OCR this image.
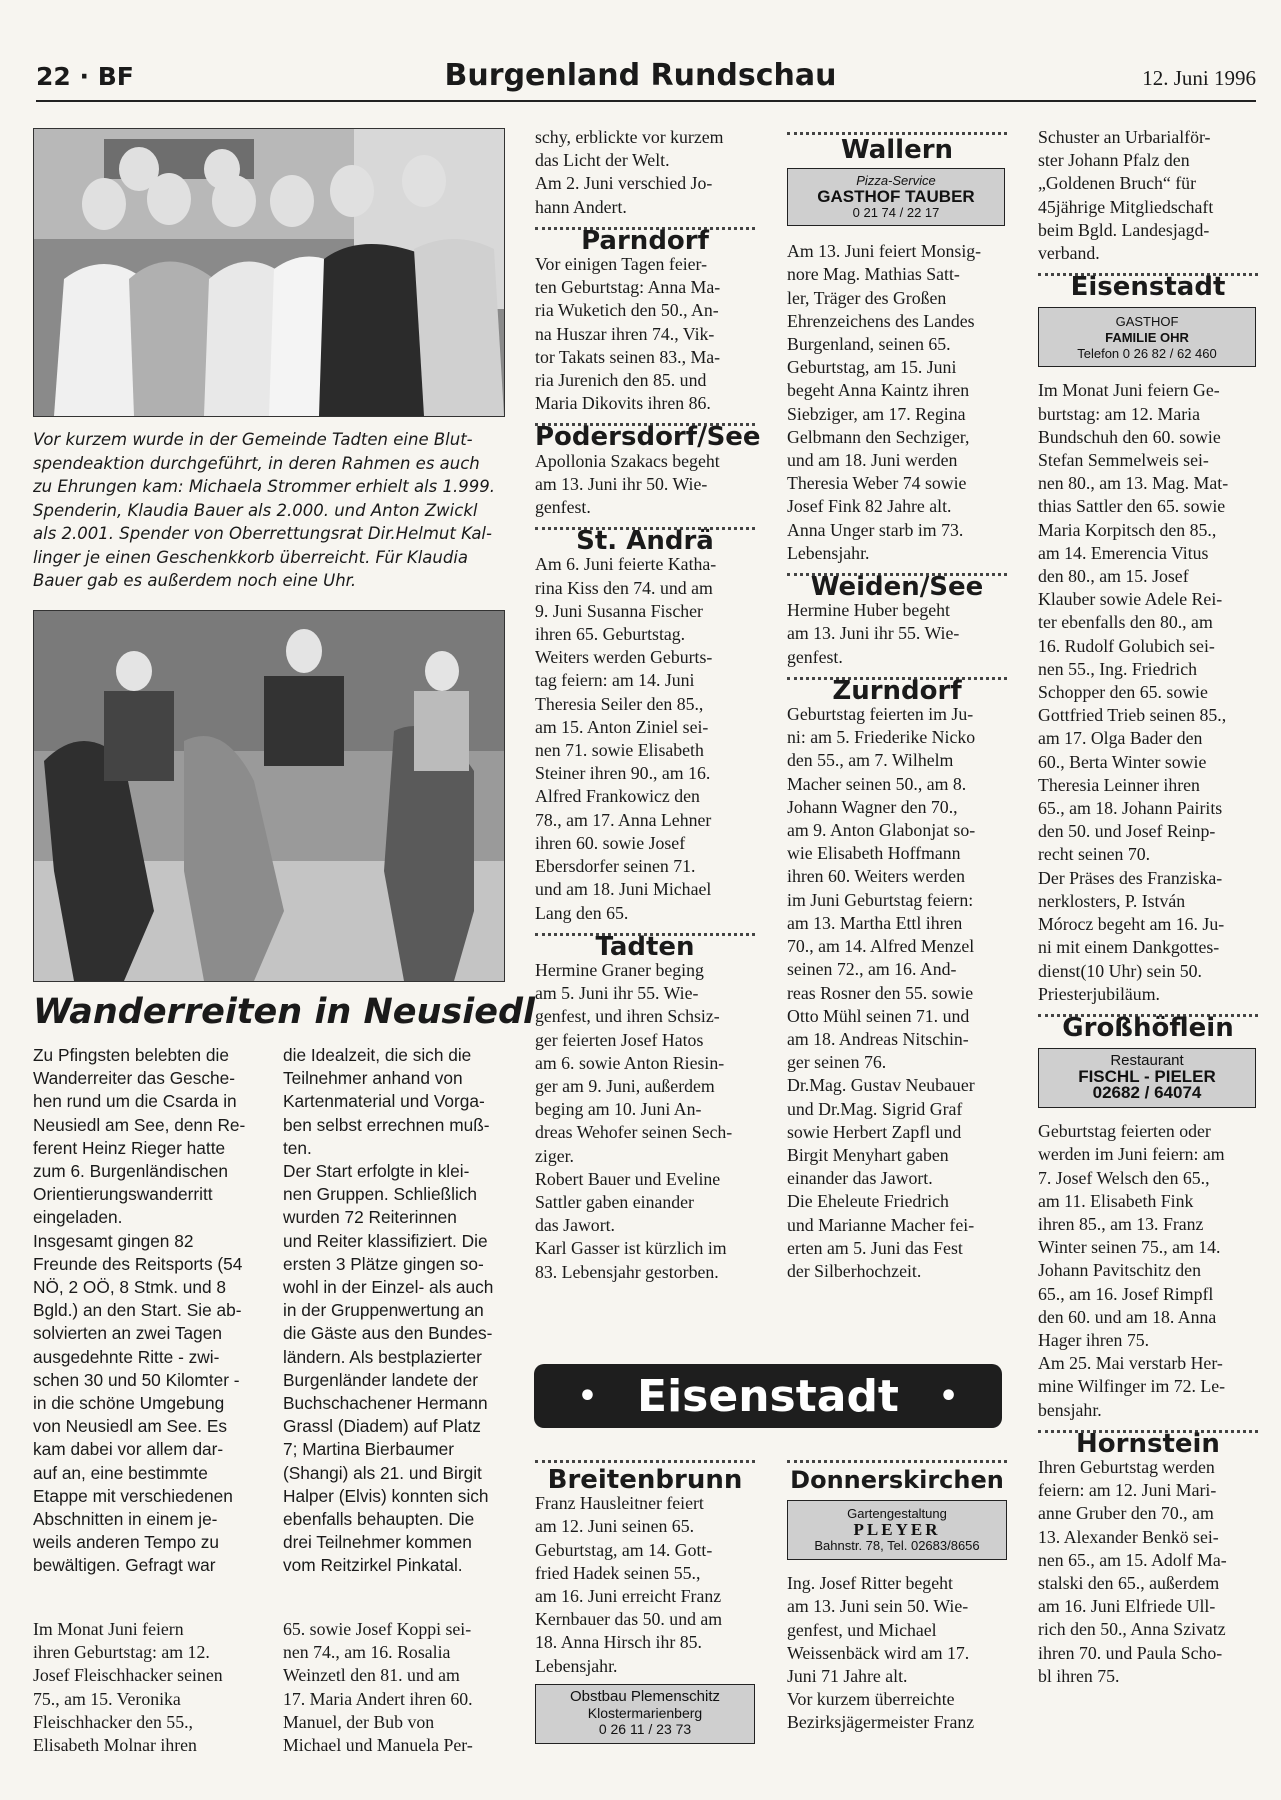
22 · BF	Burgenland Rundschau	12. Juni 1996

Vor kurzem wurde in der Gemeinde Tadten eine Blut-

spendeaktion durchgeführt, in deren Rahmen es auch

zu Ehrungen kam: Michaela Strommer erhielt als 1.999.

Spenderin, Klaudia Bauer als 2.000. und Anton Zwickl

als 2.001. Spender von Oberrettungsrat Dir.Helmut Kal-

linger je einen Geschenkkorb überreicht. Für Klaudia

Bauer gab es außerdem noch eine Uhr.

Wanderreiten in Neusiedl

Zu Pfingsten belebten die

Wanderreiter das Gesche-

hen rund um die Csarda in

Neusiedl am See, denn Re-

ferent Heinz Rieger hatte

zum 6. Burgenländischen

Orientierungswanderritt

eingeladen.

Insgesamt gingen 82

Freunde des Reitsports (54

NÖ, 2 OÖ, 8 Stmk. und 8

Bgld.) an den Start. Sie ab-

solvierten an zwei Tagen

ausgedehnte Ritte - zwi-

schen 30 und 50 Kilomter -

in die schöne Umgebung

von Neusiedl am See. Es

kam dabei vor allem dar-

auf an, eine bestimmte

Etappe mit verschiedenen

Abschnitten in einem je-

weils anderen Tempo zu

bewältigen. Gefragt war

die Idealzeit, die sich die

Teilnehmer anhand von

Kartenmaterial und Vorga-

ben selbst errechnen muß-

ten.

Der Start erfolgte in klei-

nen Gruppen. Schließlich

wurden 72 Reiterinnen

und Reiter klassifiziert. Die

ersten 3 Plätze gingen so-

wohl in der Einzel- als auch

in der Gruppenwertung an

die Gäste aus den Bundes-

ländern. Als bestplazierter

Burgenländer landete der

Buchschachener Hermann

Grassl (Diadem) auf Platz

7; Martina Bierbaumer

(Shangi) als 21. und Birgit

Halper (Elvis) konnten sich

ebenfalls behaupten. Die

drei Teilnehmer kommen

vom Reitzirkel Pinkatal.

Im Monat Juni feiern

ihren Geburtstag: am 12.

Josef Fleischhacker seinen

75., am 15. Veronika

Fleischhacker den 55.,

Elisabeth Molnar ihren

65. sowie Josef Koppi sei-

nen 74., am 16. Rosalia

Weinzetl den 81. und am

17. Maria Andert ihren 60.

Manuel, der Bub von

Michael und Manuela Per-

schy, erblickte vor kurzem

das Licht der Welt.

Am 2. Juni verschied Jo-

hann Andert.

Parndorf

Vor einigen Tagen feier-

ten Geburtstag: Anna Ma-

ria Wuketich den 50., An-

na Huszar ihren 74., Vik-

tor Takats seinen 83., Ma-

ria Jurenich den 85. und

Maria Dikovits ihren 86.

Podersdorf/See

Apollonia Szakacs begeht

am 13. Juni ihr 50. Wie-

genfest.

St. Andrä

Am 6. Juni feierte Katha-

rina Kiss den 74. und am

9. Juni Susanna Fischer

ihren 65. Geburtstag.

Weiters werden Geburts-

tag feiern: am 14. Juni

Theresia Seiler den 85.,

am 15. Anton Ziniel sei-

nen 71. sowie Elisabeth

Steiner ihren 90., am 16.

Alfred Frankowicz den

78., am 17. Anna Lehner

ihren 60. sowie Josef

Ebersdorfer seinen 71.

und am 18. Juni Michael

Lang den 65.

Tadten

Hermine Graner beging

am 5. Juni ihr 55. Wie-

genfest, und ihren Schsiz-

ger feierten Josef Hatos

am 6. sowie Anton Riesin-

ger am 9. Juni, außerdem

beging am 10. Juni An-

dreas Wehofer seinen Sech-

ziger.

Robert Bauer und Eveline

Sattler gaben einander

das Jawort.

Karl Gasser ist kürzlich im

83. Lebensjahr gestorben.

Wallern

Pizza-Service
GASTHOF TAUBER
0 21 74 / 22 17

Am 13. Juni feiert Monsig-

nore Mag. Mathias Satt-

ler, Träger des Großen

Ehrenzeichens des Landes

Burgenland, seinen 65.

Geburtstag, am 15. Juni

begeht Anna Kaintz ihren

Siebziger, am 17. Regina

Gelbmann den Sechziger,

und am 18. Juni werden

Theresia Weber 74 sowie

Josef Fink 82 Jahre alt.

Anna Unger starb im 73.

Lebensjahr.

Weiden/See

Hermine Huber begeht

am 13. Juni ihr 55. Wie-

genfest.

Zurndorf

Geburtstag feierten im Ju-

ni: am 5. Friederike Nicko

den 55., am 7. Wilhelm

Macher seinen 50., am 8.

Johann Wagner den 70.,

am 9. Anton Glabonjat so-

wie Elisabeth Hoffmann

ihren 60. Weiters werden

im Juni Geburtstag feiern:

am 13. Martha Ettl ihren

70., am 14. Alfred Menzel

seinen 72., am 16. And-

reas Rosner den 55. sowie

Otto Mühl seinen 71. und

am 18. Andreas Nitschin-

ger seinen 76.

Dr.Mag. Gustav Neubauer

und Dr.Mag. Sigrid Graf

sowie Herbert Zapfl und

Birgit Menyhart gaben

einander das Jawort.

Die Eheleute Friedrich

und Marianne Macher fei-

erten am 5. Juni das Fest

der Silberhochzeit.

• Eisenstadt •

Breitenbrunn

Franz Hausleitner feiert

am 12. Juni seinen 65.

Geburtstag, am 14. Gott-

fried Hadek seinen 55.,

am 16. Juni erreicht Franz

Kernbauer das 50. und am

18. Anna Hirsch ihr 85.

Lebensjahr.

Obstbau Plemenschitz
Klostermarienberg
0 26 11 / 23 73

Donnerskirchen

Gartengestaltung
PLEYER
Bahnstr. 78, Tel. 02683/8656

Ing. Josef Ritter begeht

am 13. Juni sein 50. Wie-

genfest, und Michael

Weissenbäck wird am 17.

Juni 71 Jahre alt.

Vor kurzem überreichte

Bezirksjägermeister Franz

Schuster an Urbarialför-

ster Johann Pfalz den

„Goldenen Bruch“ für

45jährige Mitgliedschaft

beim Bgld. Landesjagd-

verband.

Eisenstadt

GASTHOF
FAMILIE OHR
Telefon 0 26 82 / 62 460

Im Monat Juni feiern Ge-

burtstag: am 12. Maria

Bundschuh den 60. sowie

Stefan Semmelweis sei-

nen 80., am 13. Mag. Mat-

thias Sattler den 65. sowie

Maria Korpitsch den 85.,

am 14. Emerencia Vitus

den 80., am 15. Josef

Klauber sowie Adele Rei-

ter ebenfalls den 80., am

16. Rudolf Golubich sei-

nen 55., Ing. Friedrich

Schopper den 65. sowie

Gottfried Trieb seinen 85.,

am 17. Olga Bader den

60., Berta Winter sowie

Theresia Leinner ihren

65., am 18. Johann Pairits

den 50. und Josef Reinp-

recht seinen 70.

Der Präses des Franziska-

nerklosters, P. István

Mórocz begeht am 16. Ju-

ni mit einem Dankgottes-

dienst(10 Uhr) sein 50.

Priesterjubiläum.

Großhöflein

Restaurant
FISCHL - PIELER
02682 / 64074

Geburtstag feierten oder

werden im Juni feiern: am

7. Josef Welsch den 65.,

am 11. Elisabeth Fink

ihren 85., am 13. Franz

Winter seinen 75., am 14.

Johann Pavitschitz den

65., am 16. Josef Rimpfl

den 60. und am 18. Anna

Hager ihren 75.

Am 25. Mai verstarb Her-

mine Wilfinger im 72. Le-

bensjahr.

Hornstein

Ihren Geburtstag werden

feiern: am 12. Juni Mari-

anne Gruber den 70., am

13. Alexander Benkö sei-

nen 65., am 15. Adolf Ma-

stalski den 65., außerdem

am 16. Juni Elfriede Ull-

rich den 50., Anna Szivatz

ihren 70. und Paula Scho-

bl ihren 75.
